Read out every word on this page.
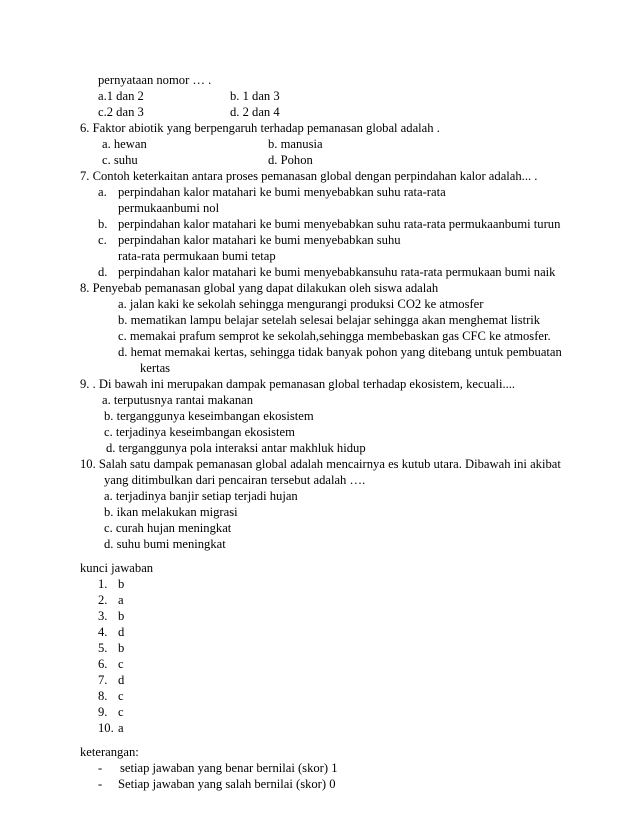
pernyataan nomor … .
a.1 dan 2	b. 1 dan 3
c.2 dan 3	d. 2 dan 4
6. Faktor abiotik yang berpengaruh terhadap pemanasan global adalah .
a. hewan	b. manusia
c. suhu	d. Pohon
7. Contoh keterkaitan antara proses pemanasan global dengan perpindahan kalor adalah... .
a. perpindahan kalor matahari ke bumi menyebabkan suhu rata-rata
permukaanbumi nol
b. perpindahan kalor matahari ke bumi menyebabkan suhu rata-rata permukaanbumi turun
c. perpindahan kalor matahari ke bumi menyebabkan suhu
rata-rata permukaan bumi tetap
d. perpindahan kalor matahari ke bumi menyebabkansuhu rata-rata permukaan bumi naik
8. Penyebab pemanasan global yang dapat dilakukan oleh siswa adalah
a. jalan kaki ke sekolah sehingga mengurangi produksi CO2 ke atmosfer
b. mematikan lampu belajar setelah selesai belajar sehingga akan menghemat listrik
c. memakai prafum semprot ke sekolah,sehingga membebaskan gas CFC ke atmosfer.
d. hemat memakai kertas, sehingga tidak banyak pohon yang ditebang untuk pembuatan
kertas
9. . Di bawah ini merupakan dampak pemanasan global terhadap ekosistem, kecuali....
a. terputusnya rantai makanan
b. terganggunya keseimbangan ekosistem
c. terjadinya keseimbangan ekosistem
d. terganggunya pola interaksi antar makhluk hidup
10. Salah satu dampak pemanasan global adalah mencairnya es kutub utara. Dibawah ini akibat
yang ditimbulkan dari pencairan tersebut adalah ….
a. terjadinya banjir setiap terjadi hujan
b. ikan melakukan migrasi
c. curah hujan meningkat
d. suhu bumi meningkat
kunci jawaban
1. b
2. a
3. b
4. d
5. b
6. c
7. d
8. c
9. c
10. a
keterangan:
- setiap jawaban yang benar bernilai (skor) 1
- Setiap jawaban yang salah bernilai (skor) 0
